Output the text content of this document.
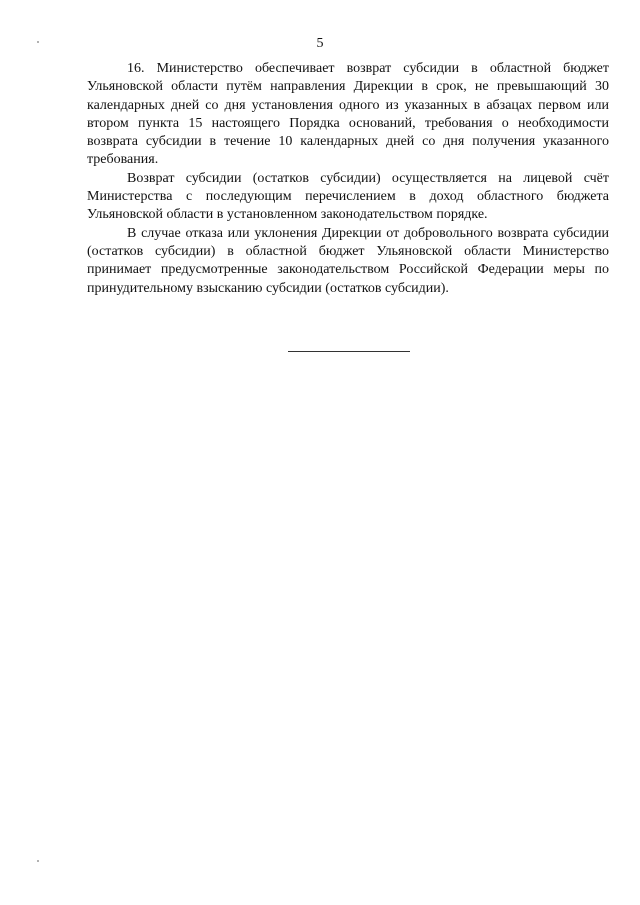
5

16. Министерство обеспечивает возврат субсидии в областной бюджет Ульяновской области путём направления Дирекции в срок, не превышающий 30 календарных дней со дня установления одного из указанных в абзацах первом или втором пункта 15 настоящего Порядка оснований, требования о необходимости возврата субсидии в течение 10 календарных дней со дня получения указанного требования.

Возврат субсидии (остатков субсидии) осуществляется на лицевой счёт Министерства с последующим перечислением в доход областного бюджета Ульяновской области в установленном законодательством порядке.

В случае отказа или уклонения Дирекции от добровольного возврата субсидии (остатков субсидии) в областной бюджет Ульяновской области Министерство принимает предусмотренные законодательством Российской Федерации меры по принудительному взысканию субсидии (остатков субсидии).
